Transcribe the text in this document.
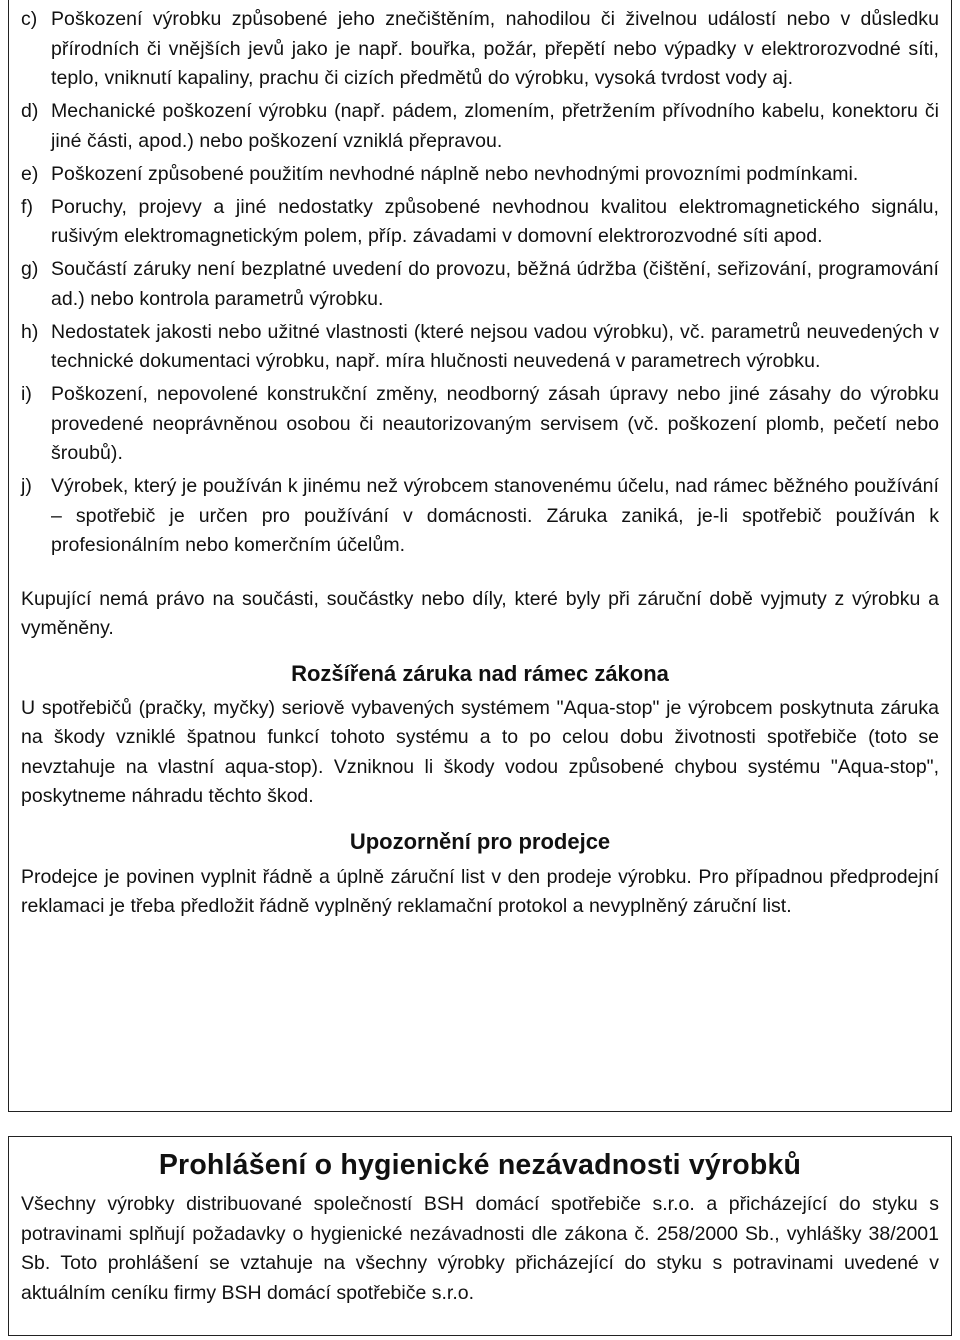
c) Poškození výrobku způsobené jeho znečištěním, nahodilou či živelnou událostí nebo v důsledku přírodních či vnějších jevů jako je např. bouřka, požár, přepětí nebo výpadky v elektrorozvodné síti, teplo, vniknutí kapaliny, prachu či cizích předmětů do výrobku, vysoká tvrdost vody aj.
d) Mechanické poškození výrobku (např. pádem, zlomením, přetržením přívodního kabelu, konektoru či jiné části, apod.) nebo poškození vzniklá přepravou.
e) Poškození způsobené použitím nevhodné náplně nebo nevhodnými provozními podmínkami.
f) Poruchy, projevy a jiné nedostatky způsobené nevhodnou kvalitou elektromagnetického signálu, rušivým elektromagnetickým polem, příp. závadami v domovní elektrorozvodné síti apod.
g) Součástí záruky není bezplatné uvedení do provozu, běžná údržba (čištění, seřizování, programování ad.) nebo kontrola parametrů výrobku.
h) Nedostatek jakosti nebo užitné vlastnosti (které nejsou vadou výrobku), vč. parametrů neuvedených v technické dokumentaci výrobku, např. míra hlučnosti neuvedená v parametrech výrobku.
i) Poškození, nepovolené konstrukční změny, neodborný zásah úpravy nebo jiné zásahy do výrobku provedené neoprávněnou osobou či neautorizovaným servisem (vč. poškození plomb, pečetí nebo šroubů).
j) Výrobek, který je používán k jinému než výrobcem stanovenému účelu, nad rámec běžného používání – spotřebič je určen pro používání v domácnosti. Záruka zaniká, je-li spotřebič používán k profesionálním nebo komerčním účelům.

Kupující nemá právo na součásti, součástky nebo díly, které byly při záruční době vyjmuty z výrobku a vyměněny.

Rozšířená záruka nad rámec zákona

U spotřebičů (pračky, myčky) seriově vybavených systémem "Aqua-stop" je výrobcem poskytnuta záruka na škody vzniklé špatnou funkcí tohoto systému a to po celou dobu životnosti spotřebiče (toto se nevztahuje na vlastní aqua-stop). Vzniknou li škody vodou způsobené chybou systému "Aqua-stop", poskytneme náhradu těchto škod.

Upozornění pro prodejce

Prodejce je povinen vyplnit řádně a úplně záruční list v den prodeje výrobku. Pro případnou předprodejní reklamaci je třeba předložit řádně vyplněný reklamační protokol a nevyplněný záruční list.

Prohlášení o hygienické nezávadnosti výrobků

Všechny výrobky distribuované společností BSH domácí spotřebiče s.r.o. a přicházející do styku s potravinami splňují požadavky o hygienické nezávadnosti dle zákona č. 258/2000 Sb., vyhlášky 38/2001 Sb. Toto prohlášení se vztahuje na všechny výrobky přicházející do styku s potravinami uvedené v aktuálním ceníku firmy BSH domácí spotřebiče s.r.o.
